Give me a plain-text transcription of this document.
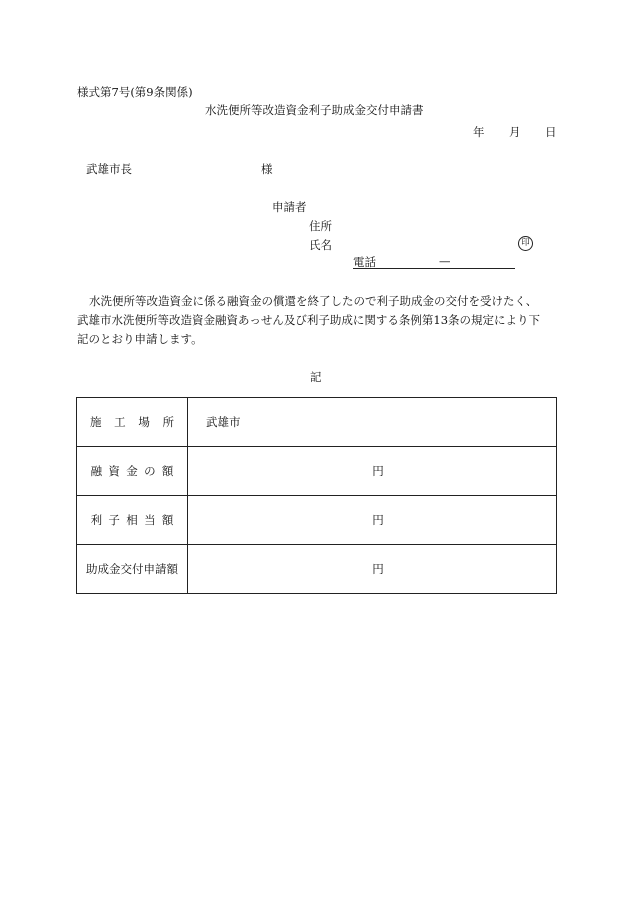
様式第7号(第9条関係)
水洗便所等改造資金利子助成金交付申請書
年 月 日
武雄市長	様
申請者
住所
氏名	印
電話	—

水洗便所等改造資金に係る融資金の償還を終了したので利子助成金の交付を受けたく、

武雄市水洗便所等改造資金融資あっせん及び利子助成に関する条例第13条の規定により下

記のとおり申請します。

記
施工場所	武雄市
融資金の額	円
利子相当額	円
助成金交付申請額	円
